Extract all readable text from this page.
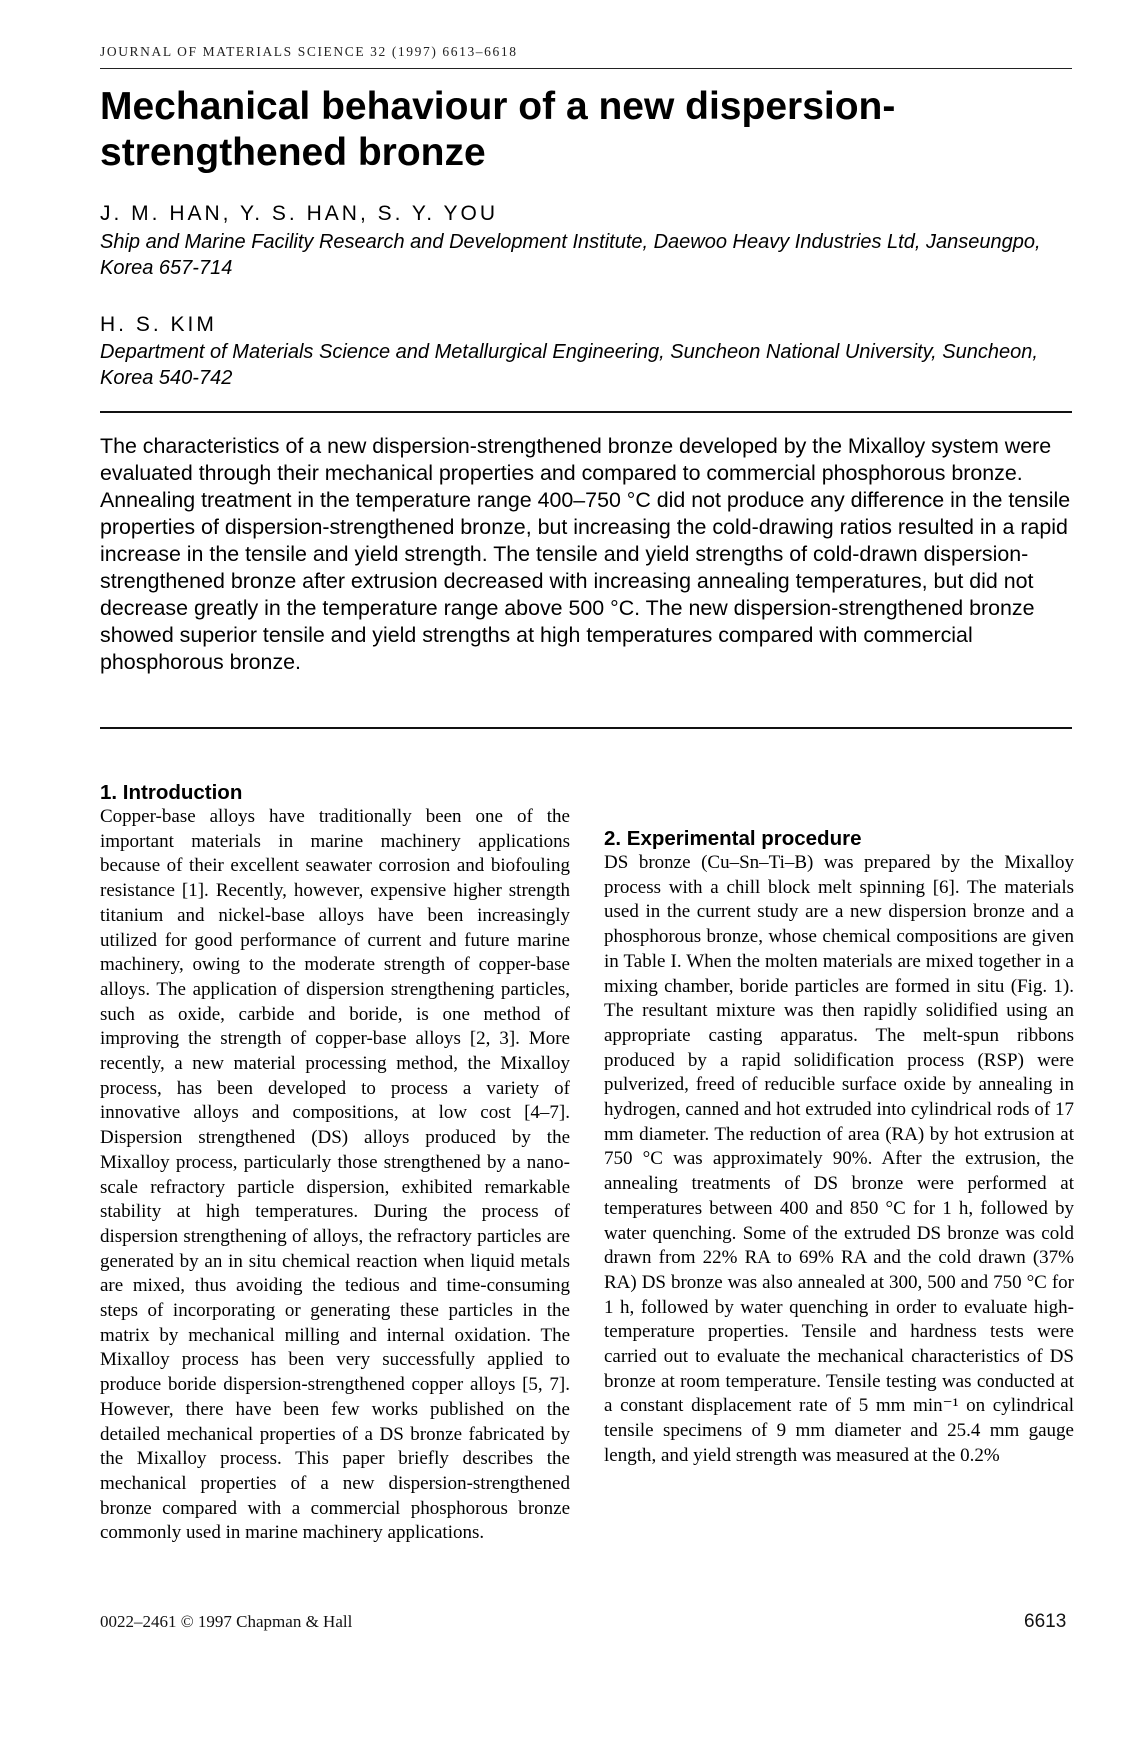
JOURNAL OF MATERIALS SCIENCE 32 (1997) 6613–6618
Mechanical behaviour of a new dispersion-strengthened bronze
J. M. HAN, Y. S. HAN, S. Y. YOU
Ship and Marine Facility Research and Development Institute, Daewoo Heavy Industries Ltd, Janseungpo, Korea 657-714
H. S. KIM
Department of Materials Science and Metallurgical Engineering, Suncheon National University, Suncheon, Korea 540-742

The characteristics of a new dispersion-strengthened bronze developed by the Mixalloy system were evaluated through their mechanical properties and compared to commercial phosphorous bronze. Annealing treatment in the temperature range 400–750 °C did not produce any difference in the tensile properties of dispersion-strengthened bronze, but increasing the cold-drawing ratios resulted in a rapid increase in the tensile and yield strength. The tensile and yield strengths of cold-drawn dispersion-strengthened bronze after extrusion decreased with increasing annealing temperatures, but did not decrease greatly in the temperature range above 500 °C. The new dispersion-strengthened bronze showed superior tensile and yield strengths at high temperatures compared with commercial phosphorous bronze.

1. Introduction

Copper-base alloys have traditionally been one of the important materials in marine machinery applications because of their excellent seawater corrosion and biofouling resistance [1]. Recently, however, expensive higher strength titanium and nickel-base alloys have been increasingly utilized for good performance of current and future marine machinery, owing to the moderate strength of copper-base alloys. The application of dispersion strengthening particles, such as oxide, carbide and boride, is one method of improving the strength of copper-base alloys [2, 3]. More recently, a new material processing method, the Mixalloy process, has been developed to process a variety of innovative alloys and compositions, at low cost [4–7]. Dispersion strengthened (DS) alloys produced by the Mixalloy process, particularly those strengthened by a nano-scale refractory particle dispersion, exhibited remarkable stability at high temperatures. During the process of dispersion strengthening of alloys, the refractory particles are generated by an in situ chemical reaction when liquid metals are mixed, thus avoiding the tedious and time-consuming steps of incorporating or generating these particles in the matrix by mechanical milling and internal oxidation. The Mixalloy process has been very successfully applied to produce boride dispersion-strengthened copper alloys [5, 7]. However, there have been few works published on the detailed mechanical properties of a DS bronze fabricated by the Mixalloy process. This paper briefly describes the mechanical properties of a new dispersion-strengthened bronze compared with a commercial phosphorous bronze commonly used in marine machinery applications.

2. Experimental procedure

DS bronze (Cu–Sn–Ti–B) was prepared by the Mixalloy process with a chill block melt spinning [6]. The materials used in the current study are a new dispersion bronze and a phosphorous bronze, whose chemical compositions are given in Table I. When the molten materials are mixed together in a mixing chamber, boride particles are formed in situ (Fig. 1). The resultant mixture was then rapidly solidified using an appropriate casting apparatus. The melt-spun ribbons produced by a rapid solidification process (RSP) were pulverized, freed of reducible surface oxide by annealing in hydrogen, canned and hot extruded into cylindrical rods of 17 mm diameter. The reduction of area (RA) by hot extrusion at 750 °C was approximately 90%. After the extrusion, the annealing treatments of DS bronze were performed at temperatures between 400 and 850 °C for 1 h, followed by water quenching. Some of the extruded DS bronze was cold drawn from 22% RA to 69% RA and the cold drawn (37% RA) DS bronze was also annealed at 300, 500 and 750 °C for 1 h, followed by water quenching in order to evaluate high-temperature properties. Tensile and hardness tests were carried out to evaluate the mechanical characteristics of DS bronze at room temperature. Tensile testing was conducted at a constant displacement rate of 5 mm min⁻¹ on cylindrical tensile specimens of 9 mm diameter and 25.4 mm gauge length, and yield strength was measured at the 0.2%

0022–2461 © 1997 Chapman & Hall	6613
